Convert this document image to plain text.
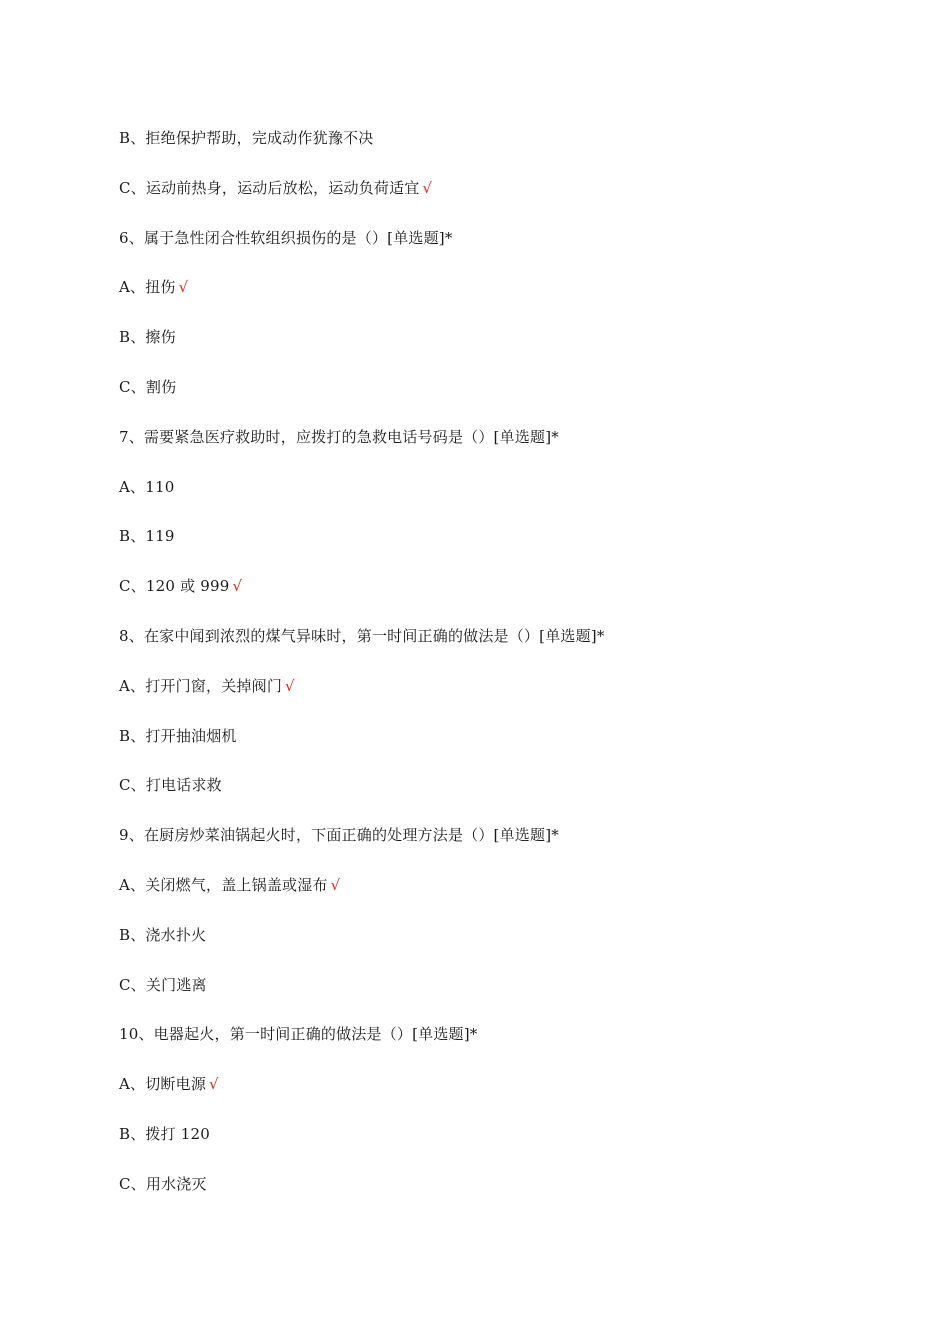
B、拒绝保护帮助，完成动作犹豫不决
C、运动前热身，运动后放松，运动负荷适宜 √
6、属于急性闭合性软组织损伤的是（）[单选题]*
A、扭伤 √
B、擦伤
C、割伤
7、需要紧急医疗救助时，应拨打的急救电话号码是（）[单选题]*
A、110
B、119
C、120 或 999 √
8、在家中闻到浓烈的煤气异味时，第一时间正确的做法是（）[单选题]*
A、打开门窗，关掉阀门 √
B、打开抽油烟机
C、打电话求救
9、在厨房炒菜油锅起火时，下面正确的处理方法是（）[单选题]*
A、关闭燃气，盖上锅盖或湿布 √
B、浇水扑火
C、关门逃离
10、电器起火，第一时间正确的做法是（）[单选题]*
A、切断电源 √
B、拨打 120
C、用水浇灭
